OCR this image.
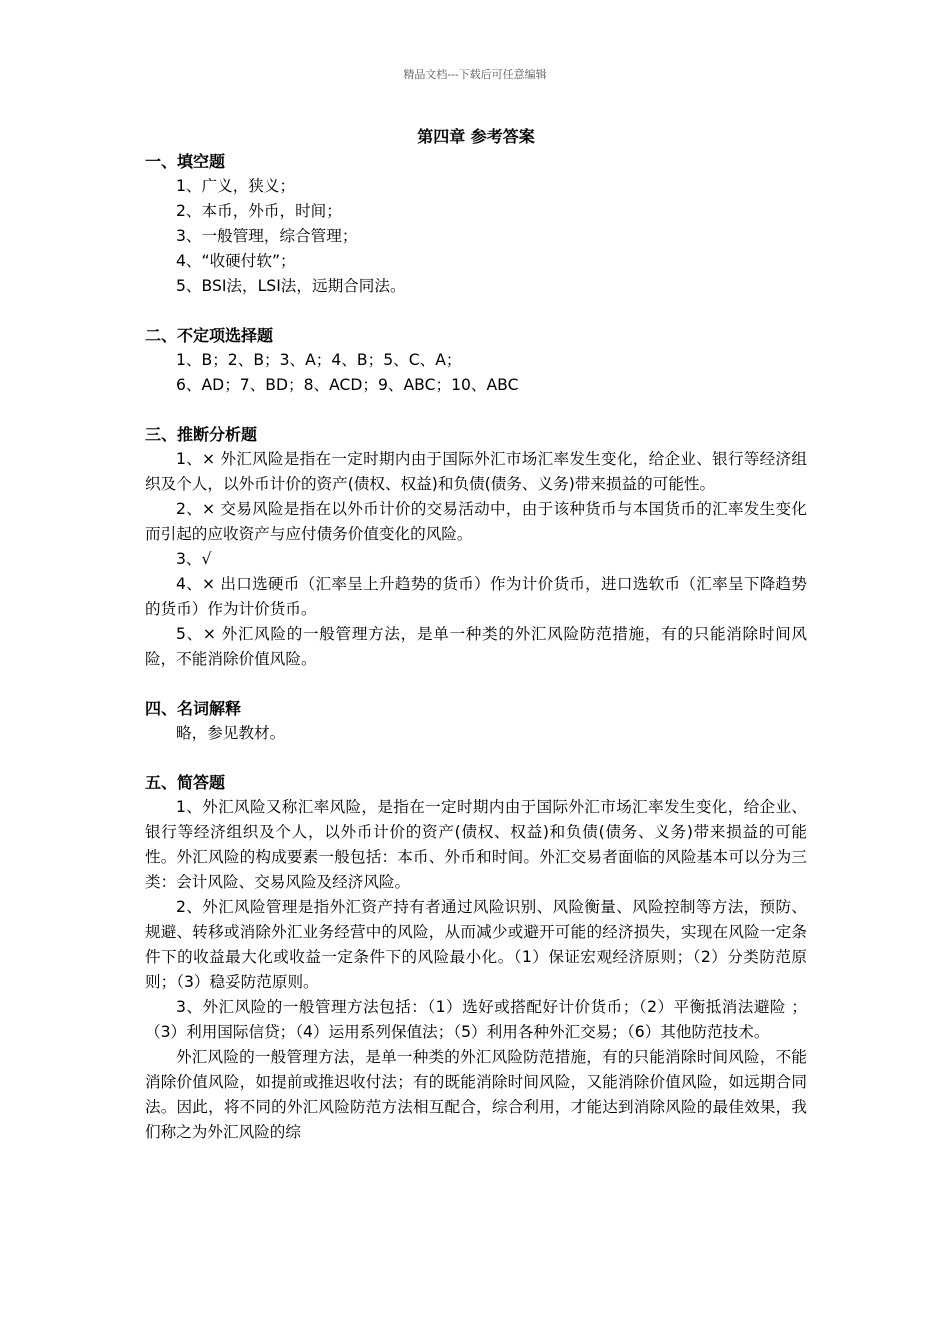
精品文档---下载后可任意编辑
第四章 参考答案
一、填空题
1、广义，狭义；
2、本币，外币，时间；
3、一般管理，综合管理；
4、“收硬付软”；
5、BSI法，LSI法，远期合同法。
二、不定项选择题
1、B；2、B；3、A；4、B；5、C、A；
6、AD；7、BD；8、ACD；9、ABC；10、ABC
三、推断分析题
1、× 外汇风险是指在一定时期内由于国际外汇市场汇率发生变化，给企业、银行等经济组织及个人，以外币计价的资产(债权、权益)和负债(债务、义务)带来损益的可能性。
2、× 交易风险是指在以外币计价的交易活动中，由于该种货币与本国货币的汇率发生变化而引起的应收资产与应付债务价值变化的风险。
3、√
4、× 出口选硬币（汇率呈上升趋势的货币）作为计价货币，进口选软币（汇率呈下降趋势的货币）作为计价货币。
5、× 外汇风险的一般管理方法，是单一种类的外汇风险防范措施，有的只能消除时间风险，不能消除价值风险。
四、名词解释
略，参见教材。
五、简答题
1、外汇风险又称汇率风险，是指在一定时期内由于国际外汇市场汇率发生变化，给企业、银行等经济组织及个人，以外币计价的资产(债权、权益)和负债(债务、义务)带来损益的可能性。外汇风险的构成要素一般包括：本币、外币和时间。外汇交易者面临的风险基本可以分为三类：会计风险、交易风险及经济风险。
2、外汇风险管理是指外汇资产持有者通过风险识别、风险衡量、风险控制等方法，预防、规避、转移或消除外汇业务经营中的风险，从而减少或避开可能的经济损失，实现在风险一定条件下的收益最大化或收益一定条件下的风险最小化。（1）保证宏观经济原则；（2）分类防范原则；（3）稳妥防范原则。
3、外汇风险的一般管理方法包括：（1）选好或搭配好计价货币；（2）平衡抵消法避险 ；（3）利用国际信贷；（4）运用系列保值法；（5）利用各种外汇交易；（6）其他防范技术。
外汇风险的一般管理方法，是单一种类的外汇风险防范措施，有的只能消除时间风险，不能消除价值风险，如提前或推迟收付法；有的既能消除时间风险，又能消除价值风险，如远期合同法。因此，将不同的外汇风险防范方法相互配合，综合利用，才能达到消除风险的最佳效果，我们称之为外汇风险的综
